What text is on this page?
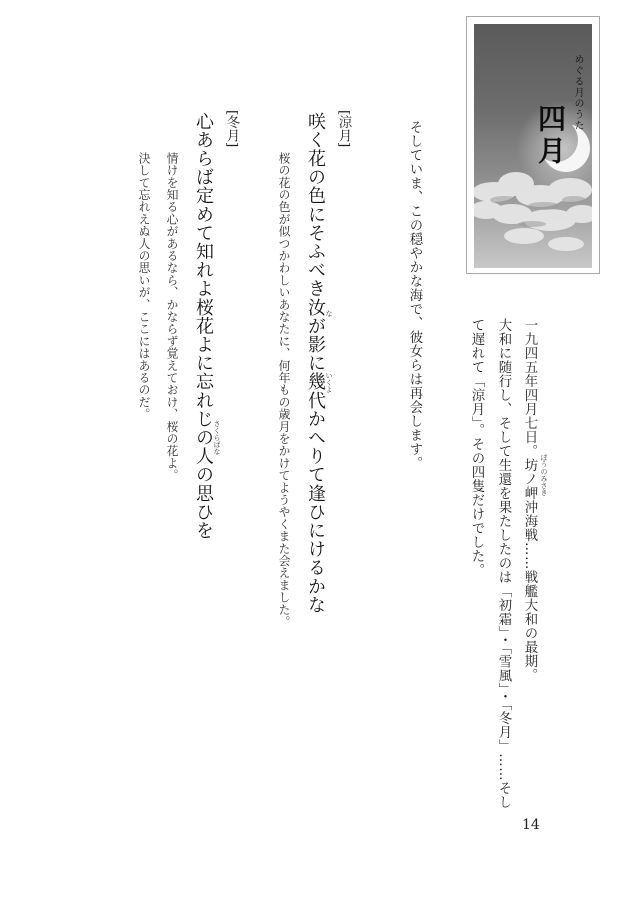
めぐる月のうた
四月

一九四五年四月七日。坊ノ岬沖海戦……戦艦大和の最期。

大和に随行し、そして生還を果たしたのは「初霜」・「雪風」・「冬月」……そし

て遅れて「涼月」。その四隻だけでした。

そしていま、この穏やかな海で、彼女らは再会します。

[涼月]
咲く花の色にそふべき汝が影に幾代かへりて逢ひにけるかな
桜の花の色が似つかわしいあなたに、何年もの歳月をかけてようやくまた会えました。
[冬月]
心あらば定めて知れよ桜花よに忘れじの人の思ひを
情けを知る心があるなら、かならず覚えておけ、桜の花よ。
決して忘れえぬ人の思いが、ここにはあるのだ。
ぼうのみさき
な
いくよ
さくらばな
14
